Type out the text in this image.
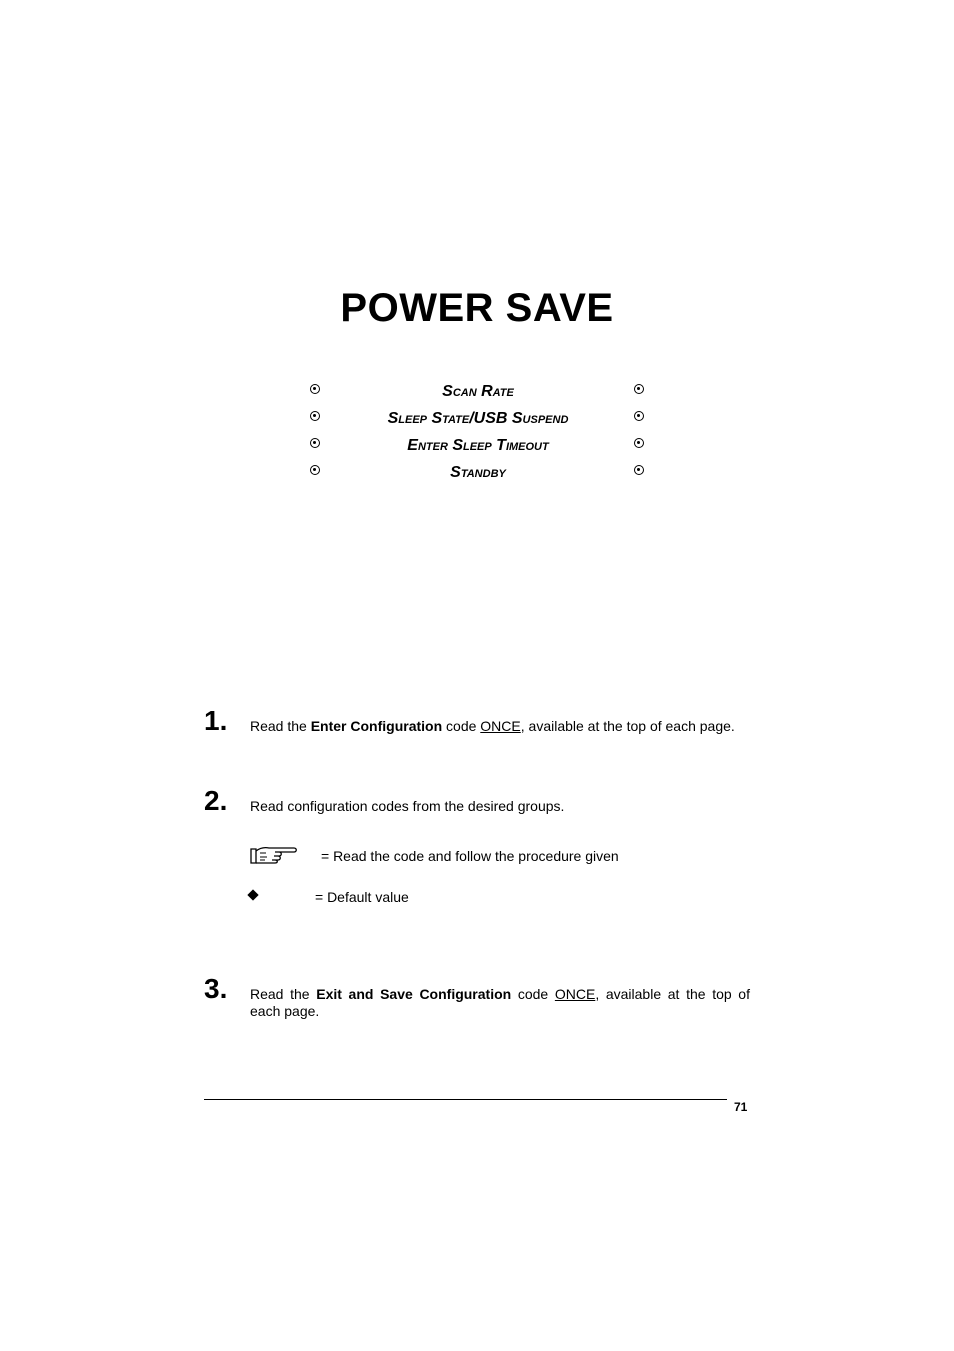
POWER SAVE
Scan Rate
Sleep State/USB Suspend
Enter Sleep Timeout
Standby
1. Read the Enter Configuration code ONCE, available at the top of each page.
2. Read configuration codes from the desired groups.
= Read the code and follow the procedure given
= Default value
3. Read the Exit and Save Configuration code ONCE, available at the top of each page.
71
